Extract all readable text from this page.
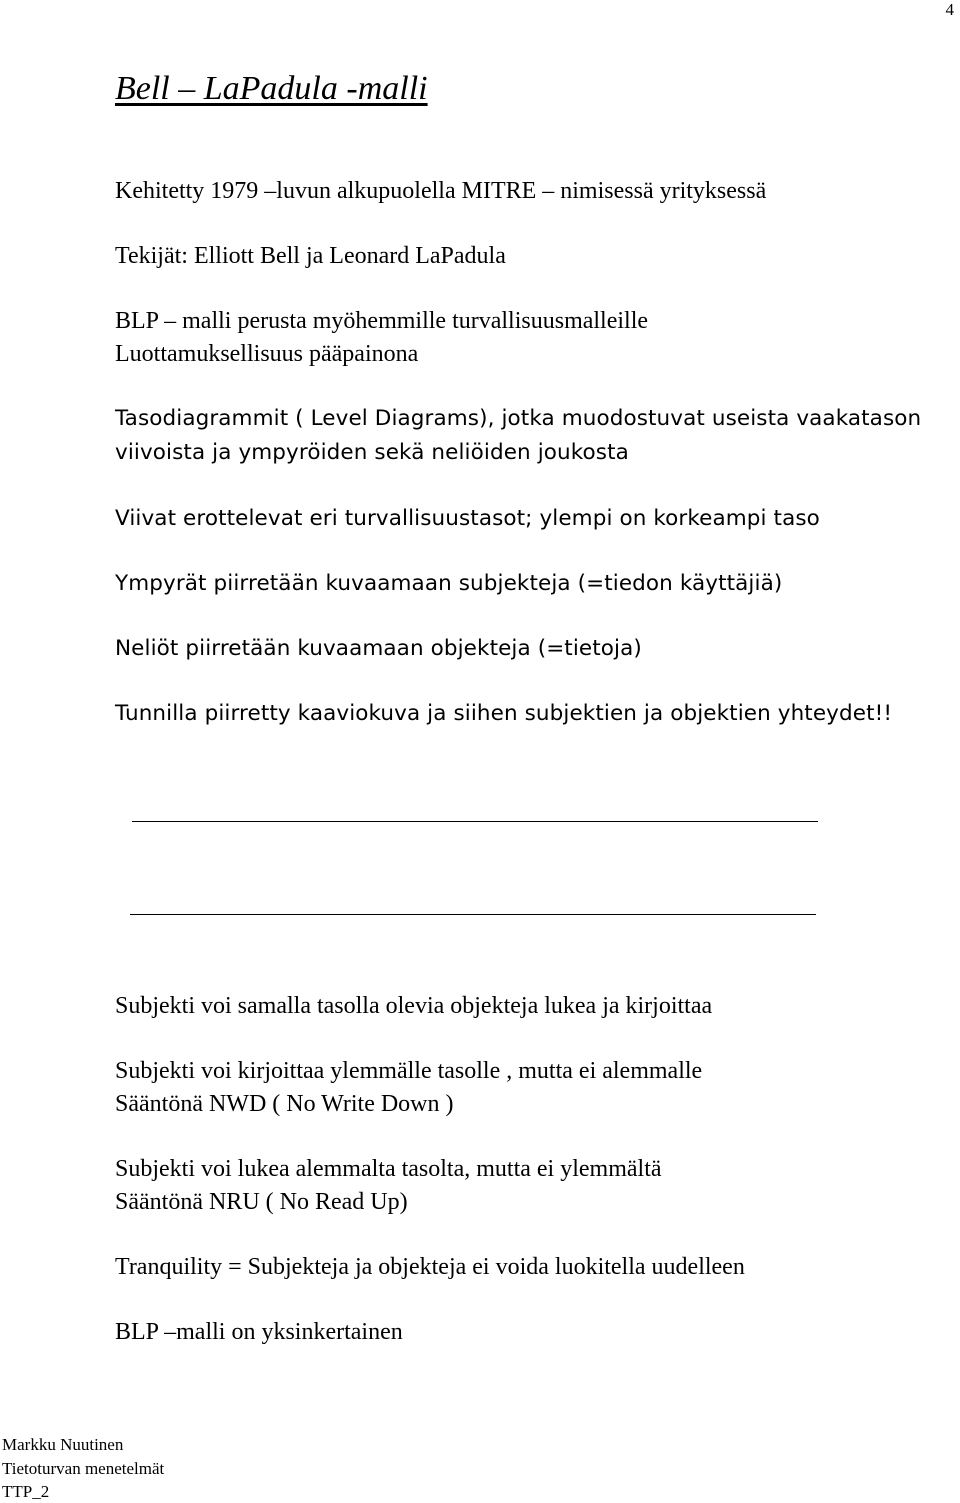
4
Bell – LaPadula -malli

Kehitetty 1979 –luvun alkupuolella MITRE – nimisessä yrityksessä

Tekijät: Elliott Bell ja Leonard LaPadula

BLP – malli perusta myöhemmille turvallisuusmalleille

Luottamuksellisuus pääpainona

Tasodiagrammit ( Level Diagrams), jotka muodostuvat useista vaakatason

viivoista ja ympyröiden sekä neliöiden joukosta

Viivat erottelevat eri turvallisuustasot; ylempi on korkeampi taso

Ympyrät piirretään kuvaamaan subjekteja (=tiedon käyttäjiä)

Neliöt piirretään kuvaamaan objekteja (=tietoja)

Tunnilla piirretty kaaviokuva ja siihen subjektien ja objektien yhteydet!!

Subjekti voi samalla tasolla olevia objekteja lukea ja kirjoittaa

Subjekti voi kirjoittaa ylemmälle tasolle , mutta ei alemmalle

Sääntönä NWD ( No Write Down )

Subjekti voi lukea alemmalta tasolta, mutta ei ylemmältä

Sääntönä NRU ( No Read Up)

Tranquility = Subjekteja ja objekteja ei voida luokitella uudelleen

BLP –malli on yksinkertainen

Markku Nuutinen

Tietoturvan menetelmät

TTP_2
